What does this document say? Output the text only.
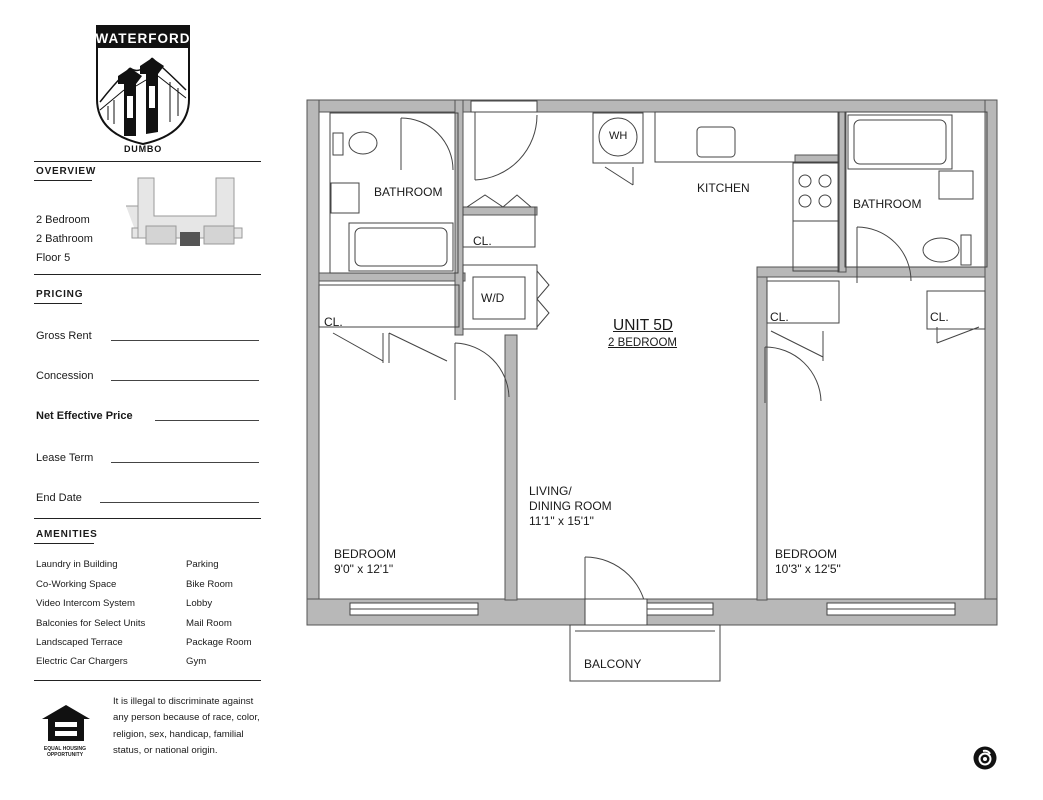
WATERFORD
DUMBO
OVERVIEW
2 Bedroom
2 Bathroom
Floor 5
PRICING
Gross Rent
Concession
Net Effective Price
Lease Term
End Date
AMENITIES
Laundry in Building
Co-Working Space
Video Intercom System
Balconies for Select Units
Landscaped Terrace
Electric Car Chargers
Parking
Bike Room
Lobby
Mail Room
Package Room
Gym
EQUAL HOUSING OPPORTUNITY
It is illegal to discriminate against any person because of race, color, religion, sex, handicap, familial status, or national origin.
BATHROOM
BATHROOM
KITCHEN
WH
W/D
CL.
CL.	CL.	CL.
UNIT 5D
2 BEDROOM
LIVING/
DINING ROOM
11'1" x 15'1"
BEDROOM
9'0" x 12'1"
BEDROOM
10'3" x 12'5"
BALCONY
